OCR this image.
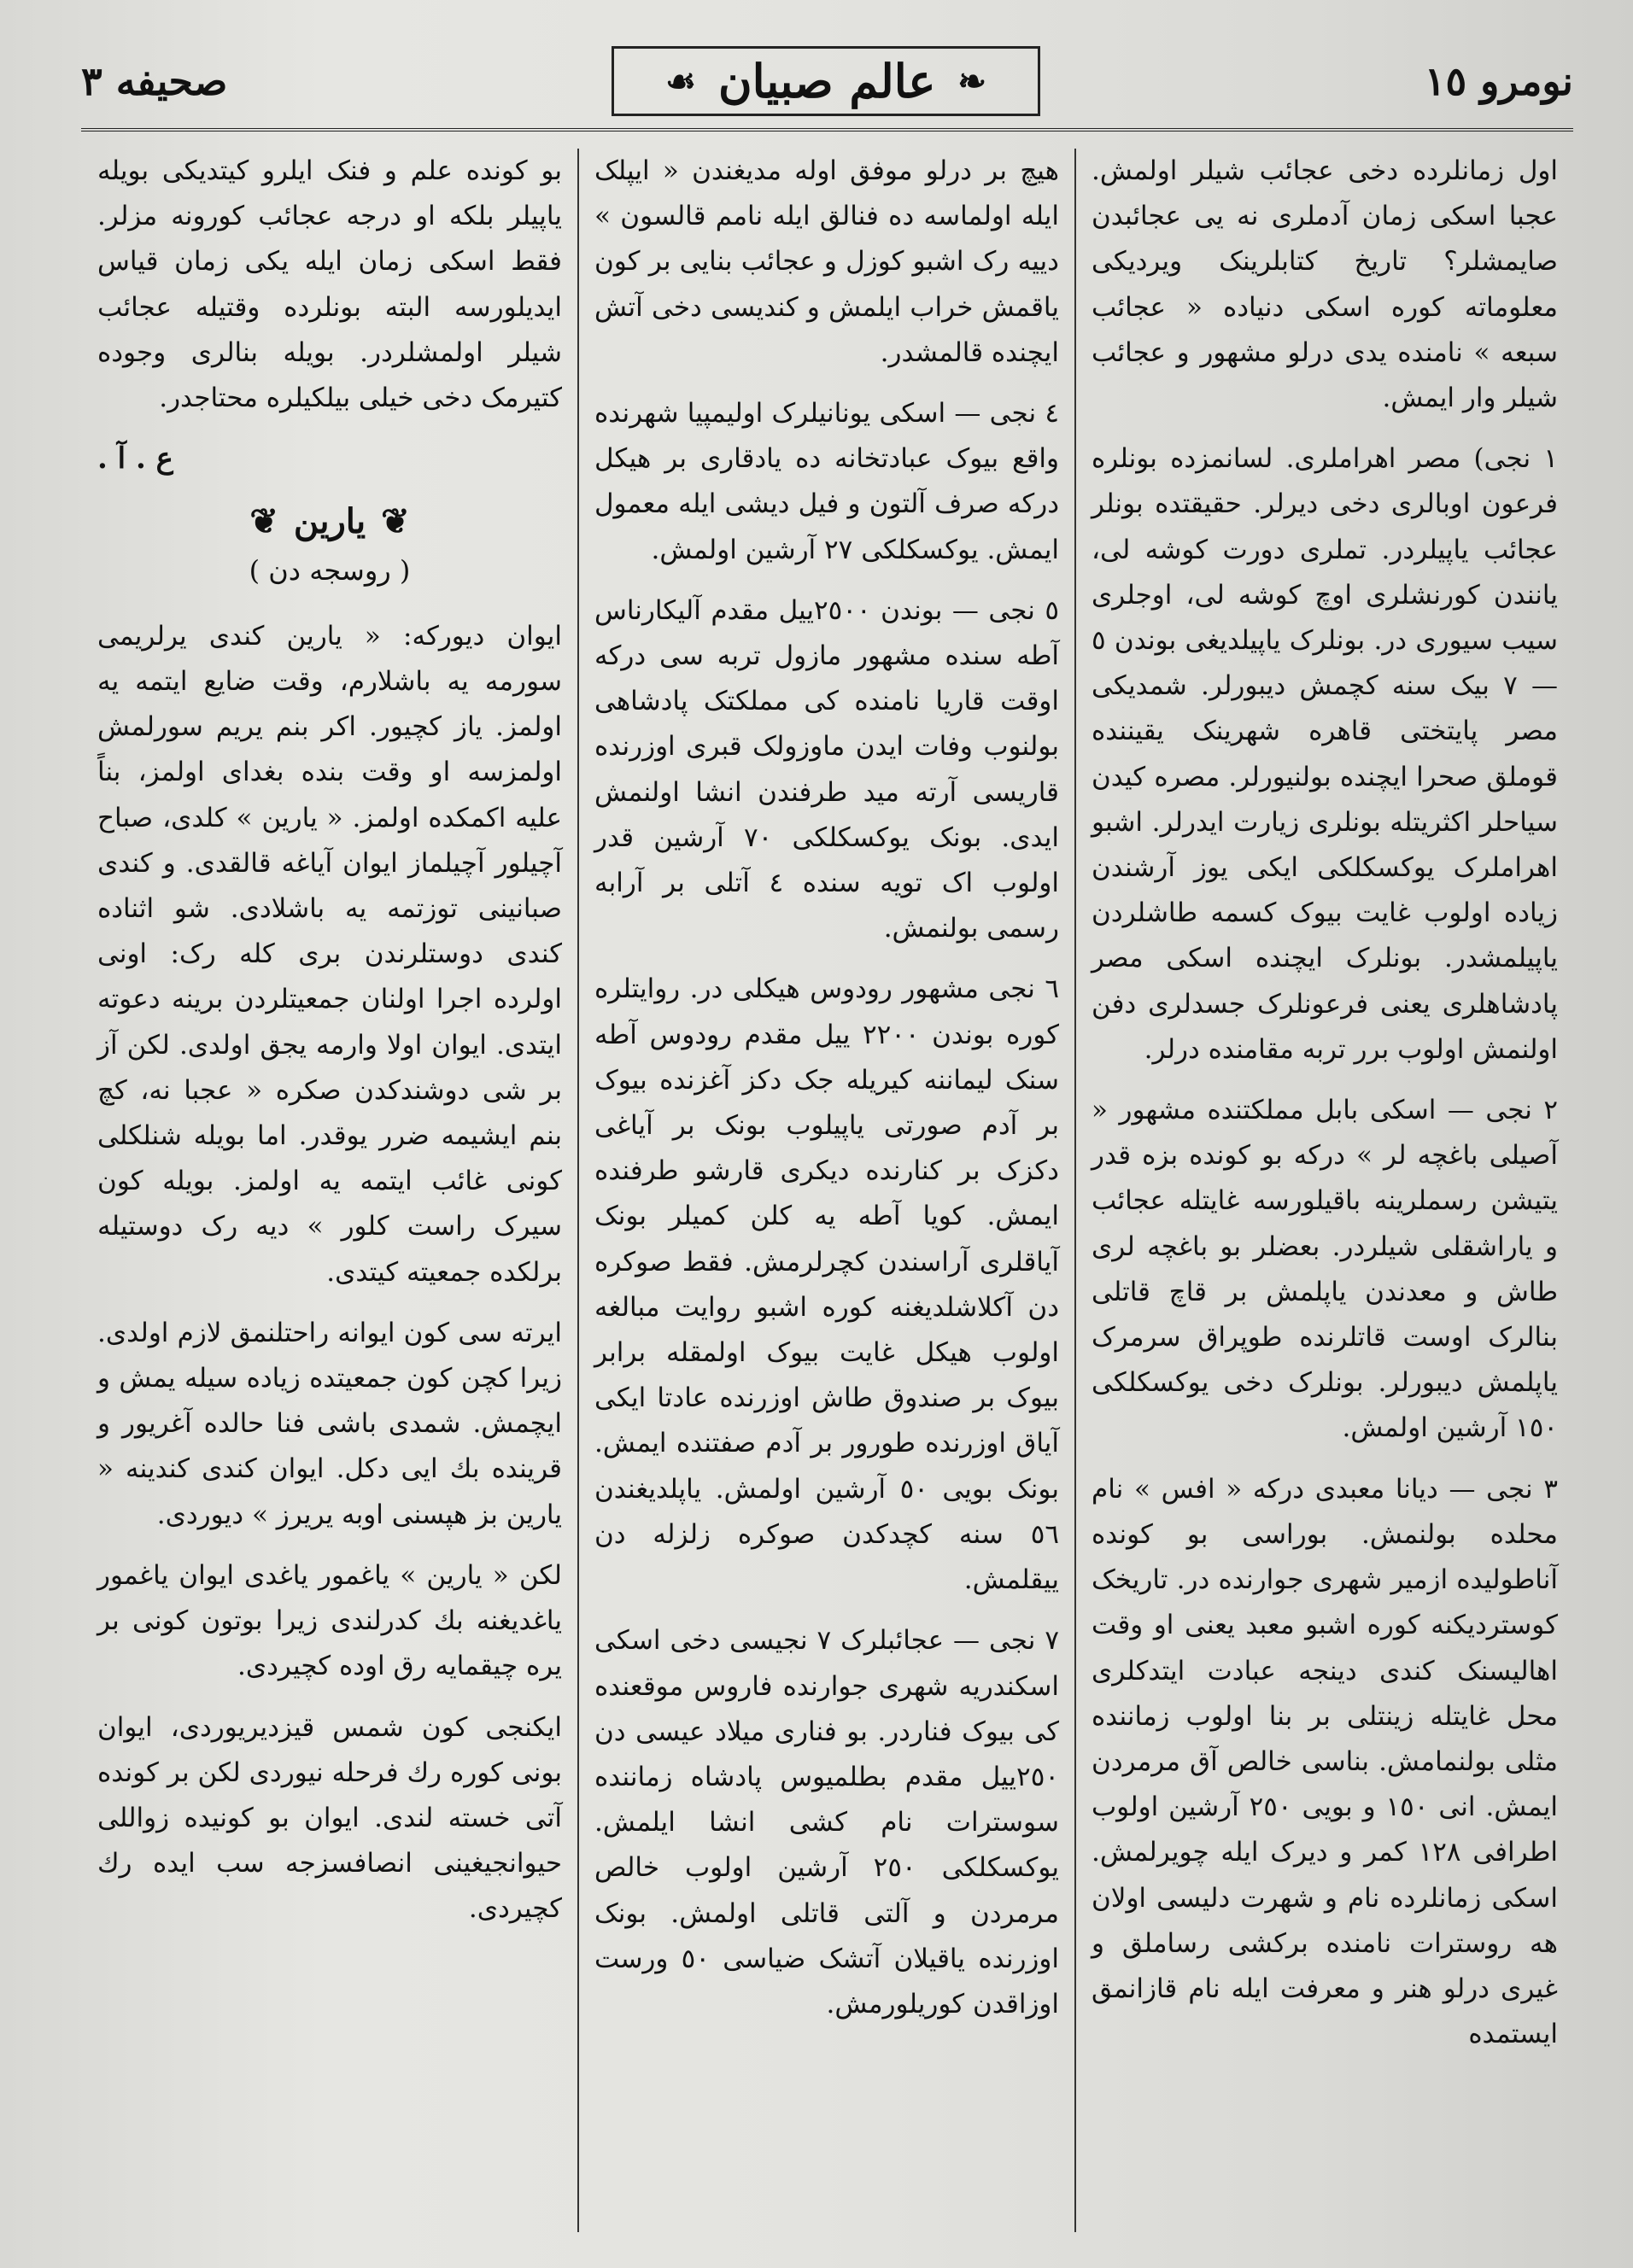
نومرو ١٥
❧
عالم صبيان
☙
صحيفه ٣

اول زمانلرده دخی عجائب شیلر اولمش. عجبا اسکی زمان آدملری نه یی عجائبدن صایمشلر؟ تاریخ کتابلرینک ویردیکی معلوماته کوره اسکی دنیاده « عجائب سبعه » نامنده یدی درلو مشهور و عجائب شیلر وار ایمش.

١ نجی) مصر اهراملری. لسانمزده بونلره فرعون اوبالری دخی دیرلر. حقیقتده بونلر عجائب یاپیلردر. تملری دورت کوشه لی، یانندن کورنشلری اوچ کوشه لی، اوجلری سیب سیوری در. بونلرک یاپیلدیغی بوندن ٥ — ٧ بیک سنه کچمش دیبورلر. شمدیکی مصر پایتختی قاهره شهرینک یقیننده قوملق صحرا ایچنده بولنیورلر. مصره کیدن سیاحلر اکثریتله بونلری زیارت ایدرلر. اشبو اهراملرک یوکسکلکی ایکی یوز آرشندن زیاده اولوب غایت بیوک کسمه طاشلردن یاپیلمشدر. بونلرک ایچنده اسکی مصر پادشاهلری یعنی فرعونلرک جسدلری دفن اولنمش اولوب برر تربه مقامنده درلر.

٢ نجی — اسکی بابل مملکتنده مشهور « آصیلی باغچه لر » درکه بو کونده بزه قدر یتیشن رسملرینه باقیلورسه غایتله عجائب و یاراشقلی شیلردر. بعضلر بو باغچه لری طاش و معدندن یاپلمش بر قاچ قاتلی بنالرک اوست قاتلرنده طوپراق سرمرک یاپلمش دیبورلر. بونلرک دخی یوکسکلکی ١٥٠ آرشین اولمش.

٣ نجی — دیانا معبدی درکه « افس » نام محلده بولنمش. بوراسی بو کونده آناطولیده ازمیر شهری جوارنده در. تاریخک کوستردیکنه کوره اشبو معبد یعنی او وقت اهالیسنک کندی دینجه عبادت ایتدکلری محل غایتله زینتلی بر بنا اولوب زماننده مثلی بولنمامش. بناسی خالص آق مرمردن ایمش. انی ١٥٠ و بویی ٢٥٠ آرشین اولوب اطرافی ١٢٨ کمر و دیرک ایله چویرلمش. اسکی زمانلرده نام و شهرت دلیسی اولان هه روسترات نامنده برکشی رساملق و غیری درلو هنر و معرفت ایله نام قازانمق ایستمده

هیچ بر درلو موفق اوله مدیغندن « ایپلک ایله اولماسه ده فنالق ایله نامم قالسون » دییه رک اشبو کوزل و عجائب بنایی بر کون یاقمش خراب ایلمش و کندیسی دخی آتش ایچنده قالمشدر.

٤ نجی — اسکی یونانیلرک اولیمپیا شهرنده واقع بیوک عبادتخانه ده یادقاری بر هیکل درکه صرف آلتون و فیل دیشی ایله معمول ایمش. یوکسکلکی ٢٧ آرشین اولمش.

٥ نجی — بوندن ٢٥٠٠ییل مقدم آلیکارناس آطه سنده مشهور مازول تربه سی درکه اوقت قاریا نامنده کی مملکتک پادشاهی بولنوب وفات ایدن ماوزولک قبری اوزرنده قاریسی آرته مید طرفندن انشا اولنمش ایدی. بونک یوکسکلکی ٧٠ آرشین قدر اولوب اک تویه سنده ٤ آتلی بر آرابه رسمی بولنمش.

٦ نجی مشهور رودوس هیکلی در. روایتلره کوره بوندن ٢٢٠٠ ییل مقدم رودوس آطه سنک لیماننه کیریله جک دکز آغزنده بیوک بر آدم صورتی یاپیلوب بونک بر آیاغی دکزک بر کنارنده دیکری قارشو طرفنده ایمش. کویا آطه یه کلن کمیلر بونک آیاقلری آراسندن کچرلرمش. فقط صوکره دن آکلاشلدیغنه کوره اشبو روایت مبالغه اولوب هیکل غایت بیوک اولمقله برابر بیوک بر صندوق طاش اوزرنده عادتا ایکی آیاق اوزرنده طورور بر آدم صفتنده ایمش. بونک بویی ٥٠ آرشین اولمش. یاپلدیغندن ٥٦ سنه کچدکدن صوکره زلزله دن ییقلمش.

٧ نجی — عجائبلرک ٧ نجیسی دخی اسکی اسکندریه شهری جوارنده فاروس موقعنده کی بیوک فناردر. بو فناری میلاد عیسی دن ٢٥٠ییل مقدم بطلمیوس پادشاه زماننده سوسترات نام کشی انشا ایلمش. یوکسکلکی ٢٥٠ آرشین اولوب خالص مرمردن و آلتی قاتلی اولمش. بونک اوزرنده یاقیلان آتشک ضیاسی ٥٠ ورست اوزاقدن کوریلورمش.

بو کونده علم و فنک ایلرو کیتدیکی بویله یاپیلر بلکه او درجه عجائب کورونه مزلر. فقط اسکی زمان ایله یکی زمان قیاس ایدیلورسه البته بونلرده وقتیله عجائب شیلر اولمشلردر. بویله بنالری وجوده کتیرمک دخی خیلی بیلکیلره محتاجدر.

ع . آ .
❦
یارین
❦
( روسجه دن )

ایوان دیورکه: « یارین کندی یرلریمی سورمه یه باشلارم، وقت ضایع ایتمه یه اولمز. یاز کچیور. اکر بنم یریم سورلمش اولمزسه او وقت بنده بغدای اولمز، بناً علیه اکمکده اولمز. « یارین » کلدی، صباح آچیلور آچیلماز ایوان آیاغه قالقدی. و کندی صبانینی توزتمه یه باشلادی. شو اثناده کندی دوستلرندن بری کله رک: اونی اولرده اجرا اولنان جمعیتلردن برینه دعوته ایتدی. ایوان اولا وارمه یجق اولدی. لکن آز بر شی دوشندکدن صکره « عجبا نه، کچ بنم ایشیمه ضرر یوقدر. اما بویله شنلکلی کونی غائب ایتمه یه اولمز. بویله کون سیرک راست کلور » دیه رک دوستیله برلکده جمعیته کیتدی.

ایرته سی کون ایوانه راحتلنمق لازم اولدی. زیرا کچن کون جمعیتده زیاده سیله یمش و ایچمش. شمدی باشی فنا حالده آغریور و قرینده بك ایی دکل. ایوان کندی کندینه « یارین بز هپسنی اوبه یریرز » دیوردی.

لکن « یارین » یاغمور یاغدی ایوان یاغمور یاغدیغنه بك کدرلندی زیرا بوتون کونی بر یره چیقمایه رق اوده کچیردی.

ایکنجی کون شمس قیزدیریوردی، ایوان بونی کوره رك فرحله نیوردی لکن بر کونده آتی خسته لندی. ایوان بو کونیده زواللی حیوانجیغینی انصافسزجه سب ایده رك کچیردی.
